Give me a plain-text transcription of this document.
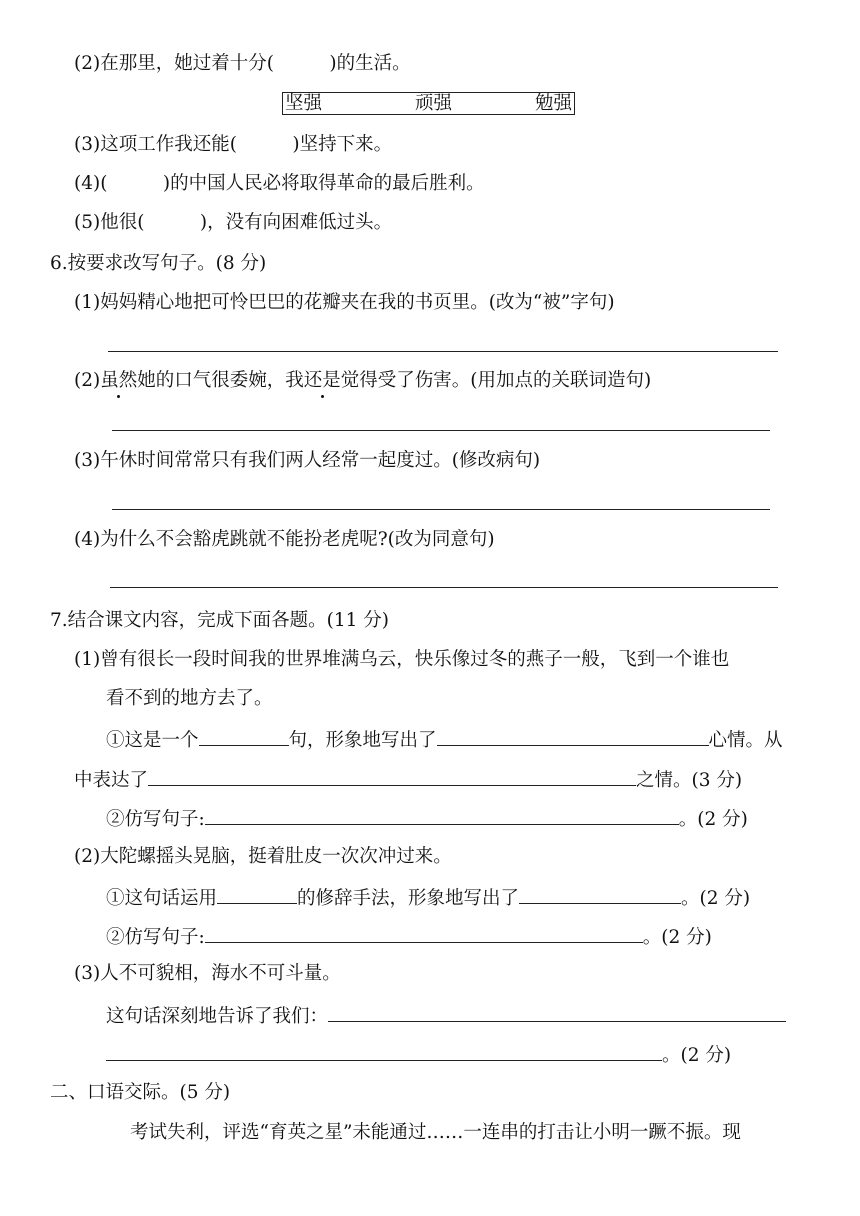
(2)在那里，她过着十分(　　　)的生活。
坚强	顽强	勉强
(3)这项工作我还能(　　　)坚持下来。
(4)(　　　)的中国人民必将取得革命的最后胜利。
(5)他很(　　　)，没有向困难低过头。
6.按要求改写句子。(8 分)
(1)妈妈精心地把可怜巴巴的花瓣夹在我的书页里。(改为“被”字句)
(2)虽然她的口气很委婉，我还是觉得受了伤害。(用加点的关联词造句)
(3)午休时间常常只有我们两人经常一起度过。(修改病句)
(4)为什么不会豁虎跳就不能扮老虎呢?(改为同意句)
7.结合课文内容，完成下面各题。(11 分)
(1)曾有很长一段时间我的世界堆满乌云，快乐像过冬的燕子一般，飞到一个谁也
看不到的地方去了。
①这是一个	句，形象地写出了	心情。从
中表达了	之情。(3 分)
②仿写句子:	。(2 分)
(2)大陀螺摇头晃脑，挺着肚皮一次次冲过来。
①这句话运用	的修辞手法，形象地写出了	。(2 分)
②仿写句子:	。(2 分)
(3)人不可貌相，海水不可斗量。
这句话深刻地告诉了我们：
。(2 分)
二、口语交际。(5 分)
考试失利，评选“育英之星”未能通过……一连串的打击让小明一蹶不振。现
